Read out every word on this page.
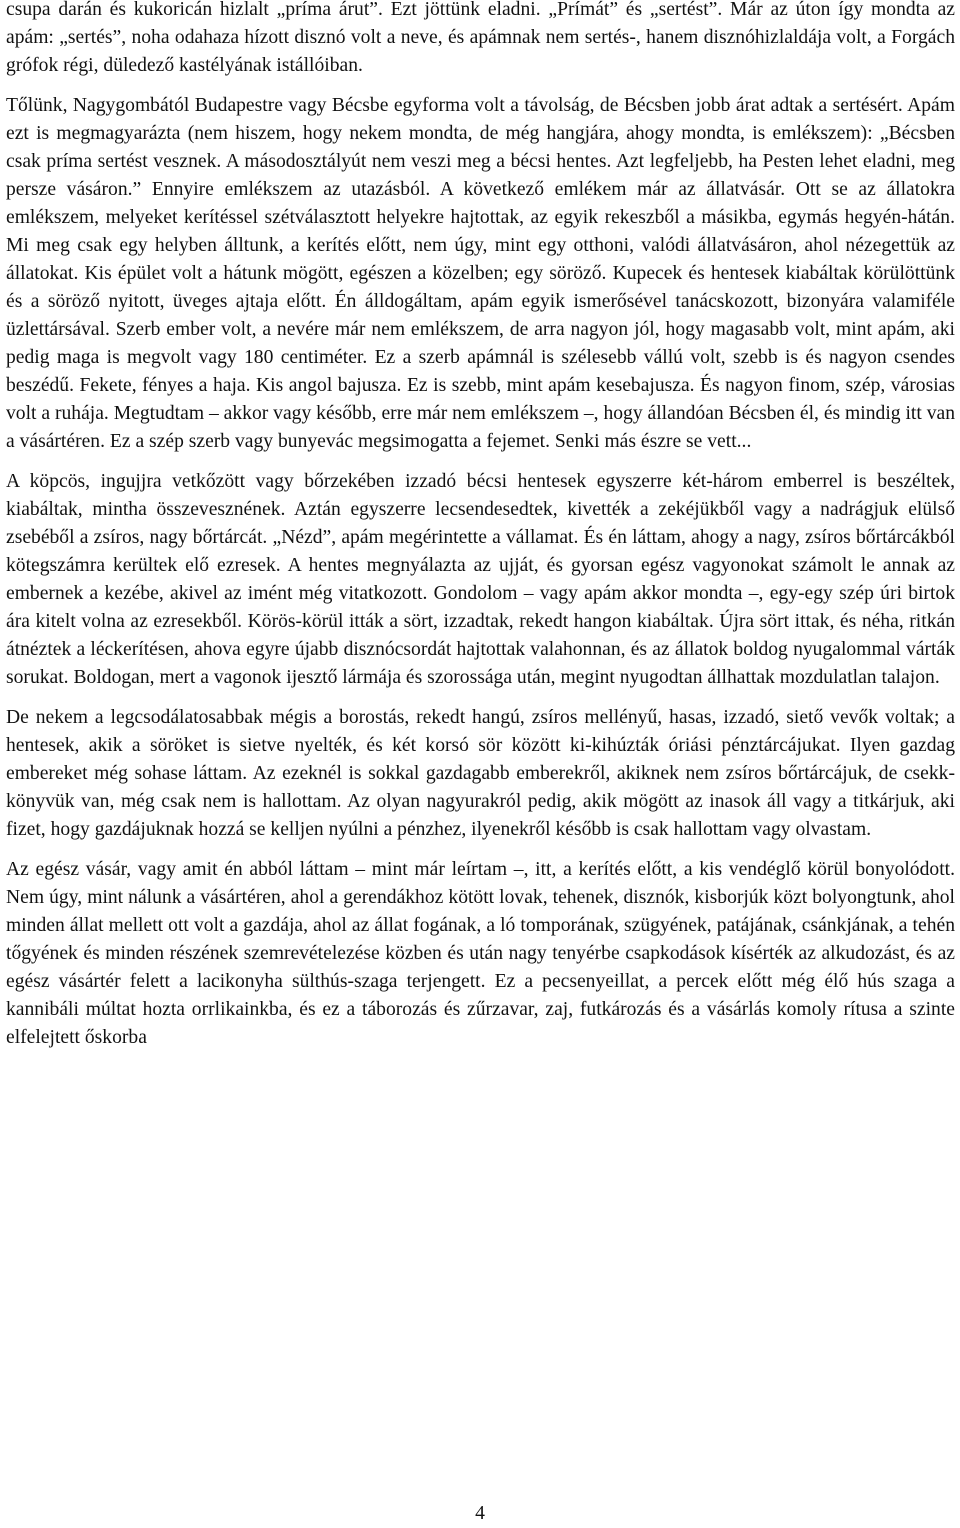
csupa darán és kukoricán hizlalt „príma árut”. Ezt jöttünk eladni. „Prímát” és „sertést”. Már az úton így mondta az apám: „sertés”, noha odahaza hízott disznó volt a neve, és apámnak nem sertés-, hanem disznóhizlaldája volt, a Forgách grófok régi, düledező kastélyának istállóiban.

Tőlünk, Nagygombától Budapestre vagy Bécsbe egyforma volt a távolság, de Bécsben jobb árat adtak a sertésért. Apám ezt is megmagyarázta (nem hiszem, hogy nekem mondta, de még hangjára, ahogy mondta, is emlékszem): „Bécsben csak príma sertést vesznek. A másodosztályút nem veszi meg a bécsi hentes. Azt legfeljebb, ha Pesten lehet eladni, meg persze vásáron.” Ennyire emlékszem az utazásból. A következő emlékem már az állatvásár. Ott se az állatokra emlékszem, melyeket kerítéssel szétválasztott helyekre hajtottak, az egyik rekeszből a másikba, egymás hegyén-hátán. Mi meg csak egy helyben álltunk, a kerítés előtt, nem úgy, mint egy otthoni, valódi állatvásáron, ahol nézegettük az állatokat. Kis épület volt a hátunk mögött, egészen a közelben; egy söröző. Kupecek és hentesek kiabáltak körülöttünk és a söröző nyitott, üveges ajtaja előtt. Én álldogáltam, apám egyik ismerősével tanácskozott, bizonyára valamiféle üzlettársával. Szerb ember volt, a nevére már nem emlékszem, de arra nagyon jól, hogy magasabb volt, mint apám, aki pedig maga is megvolt vagy 180 centiméter. Ez a szerb apámnál is szélesebb vállú volt, szebb is és nagyon csendes beszédű. Fekete, fényes a haja. Kis angol bajusza. Ez is szebb, mint apám kesebajusza. És nagyon finom, szép, városias volt a ruhája. Megtudtam – akkor vagy később, erre már nem emlékszem –, hogy állandóan Bécsben él, és mindig itt van a vásártéren. Ez a szép szerb vagy bunyevác megsimogatta a fejemet. Senki más észre se vett...

A köpcös, ingujjra vetkőzött vagy bőrzekében izzadó bécsi hentesek egyszerre két-három emberrel is beszéltek, kiabáltak, mintha összevesznének. Aztán egyszerre lecsendesedtek, kivették a zekéjükből vagy a nadrágjuk elülső zsebéből a zsíros, nagy bőrtárcát. „Nézd”, apám megérintette a vállamat. És én láttam, ahogy a nagy, zsíros bőrtárcákból kötegszámra kerültek elő ezresek. A hentes megnyálazta az ujját, és gyorsan egész vagyonokat számolt le annak az embernek a kezébe, akivel az imént még vitatkozott. Gondolom – vagy apám akkor mondta –, egy-egy szép úri birtok ára kitelt volna az ezresekből. Körös-körül itták a sört, izzadtak, rekedt hangon kiabáltak. Újra sört ittak, és néha, ritkán átnéztek a léckerítésen, ahova egyre újabb disznócsordát hajtottak valahonnan, és az állatok boldog nyugalommal várták sorukat. Boldogan, mert a vagonok ijesztő lármája és szorossága után, megint nyugodtan állhattak mozdulatlan talajon.

De nekem a legcsodálatosabbak mégis a borostás, rekedt hangú, zsíros mellényű, hasas, izzadó, siető vevők voltak; a hentesek, akik a söröket is sietve nyelték, és két korsó sör között ki-kihúzták óriási pénztárcájukat. Ilyen gazdag embereket még sohase láttam. Az ezeknél is sokkal gazdagabb emberekről, akiknek nem zsíros bőrtárcájuk, de csekk-könyvük van, még csak nem is hallottam. Az olyan nagyurakról pedig, akik mögött az inasok áll vagy a titkárjuk, aki fizet, hogy gazdájuknak hozzá se kelljen nyúlni a pénzhez, ilyenekről később is csak hallottam vagy olvastam.

Az egész vásár, vagy amit én abból láttam – mint már leírtam –, itt, a kerítés előtt, a kis vendéglő körül bonyolódott. Nem úgy, mint nálunk a vásártéren, ahol a gerendákhoz kötött lovak, tehenek, disznók, kisborjúk közt bolyongtunk, ahol minden állat mellett ott volt a gazdája, ahol az állat fogának, a ló tomporának, szügyének, patájának, csánkjának, a tehén tőgyének és minden részének szemrevételezése közben és után nagy tenyérbe csapkodások kísérték az alkudozást, és az egész vásártér felett a lacikonyha sülthús-szaga terjengett. Ez a pecsenyeillat, a percek előtt még élő hús szaga a kannibáli múltat hozta orrlikainkba, és ez a táborozás és zűrzavar, zaj, futkározás és a vásárlás komoly rítusa a szinte elfelejtett őskorba

4
